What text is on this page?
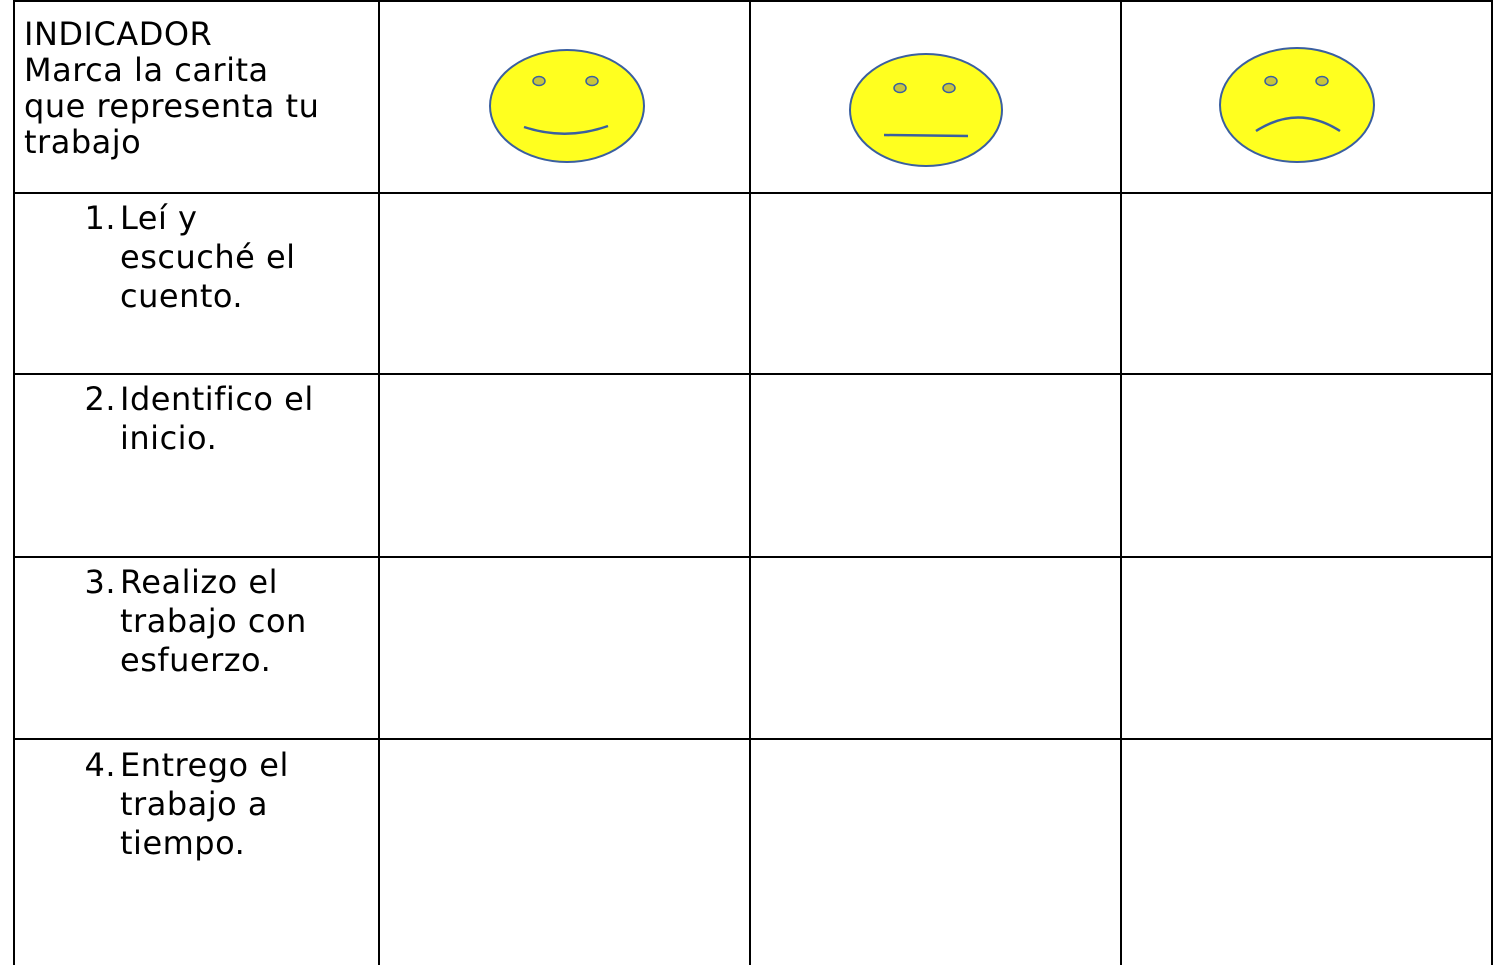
INDICADOR
Marca la carita
que representa tu
trabajo
1. Leí y
escuché el
cuento.
2. Identifico el
inicio.
3. Realizo el
trabajo con
esfuerzo.
4. Entrego el
trabajo a
tiempo.
